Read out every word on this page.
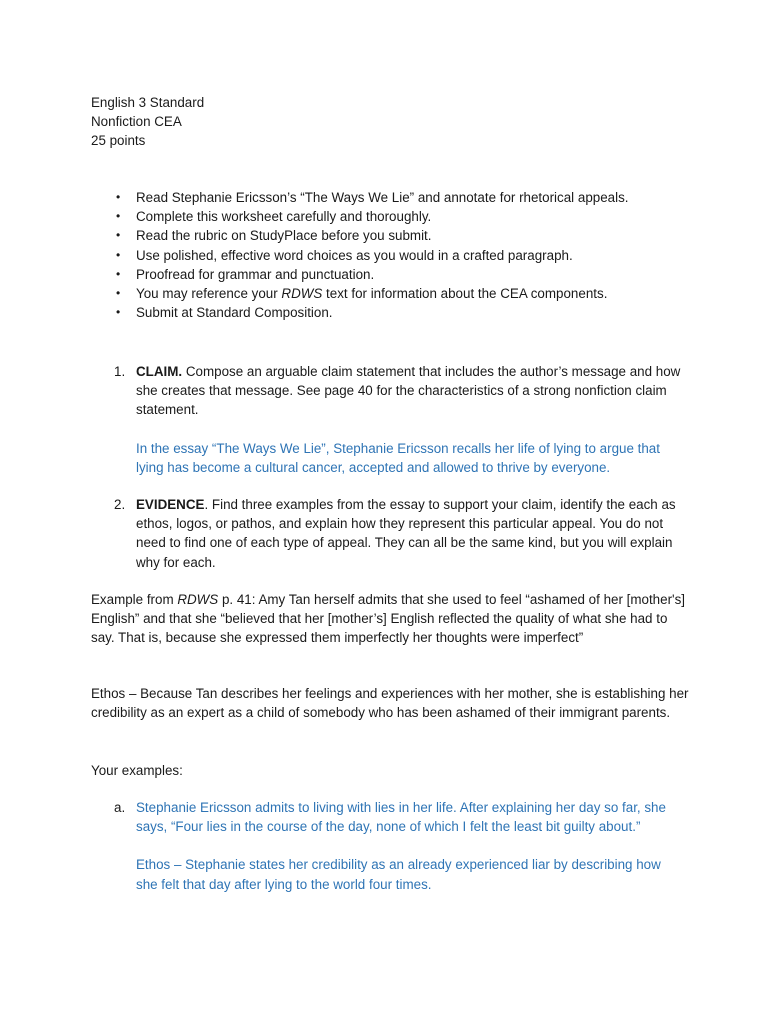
English 3 Standard
Nonfiction CEA
25 points
• Read Stephanie Ericsson’s “The Ways We Lie” and annotate for rhetorical appeals.
• Complete this worksheet carefully and thoroughly.
• Read the rubric on StudyPlace before you submit.
• Use polished, effective word choices as you would in a crafted paragraph.
• Proofread for grammar and punctuation.
• You may reference your RDWS text for information about the CEA components.
• Submit at Standard Composition.
1. CLAIM. Compose an arguable claim statement that includes the author’s message and how she creates that message. See page 40 for the characteristics of a strong nonfiction claim statement.
In the essay “The Ways We Lie”, Stephanie Ericsson recalls her life of lying to argue that lying has become a cultural cancer, accepted and allowed to thrive by everyone.
2. EVIDENCE. Find three examples from the essay to support your claim, identify the each as ethos, logos, or pathos, and explain how they represent this particular appeal. You do not need to find one of each type of appeal. They can all be the same kind, but you will explain why for each.
Example from RDWS p. 41: Amy Tan herself admits that she used to feel “ashamed of her [mother's] English” and that she “believed that her [mother’s] English reflected the quality of what she had to say. That is, because she expressed them imperfectly her thoughts were imperfect”
Ethos – Because Tan describes her feelings and experiences with her mother, she is establishing her credibility as an expert as a child of somebody who has been ashamed of their immigrant parents.
Your examples:
a. Stephanie Ericsson admits to living with lies in her life. After explaining her day so far, she says, “Four lies in the course of the day, none of which I felt the least bit guilty about.”
Ethos – Stephanie states her credibility as an already experienced liar by describing how she felt that day after lying to the world four times.
